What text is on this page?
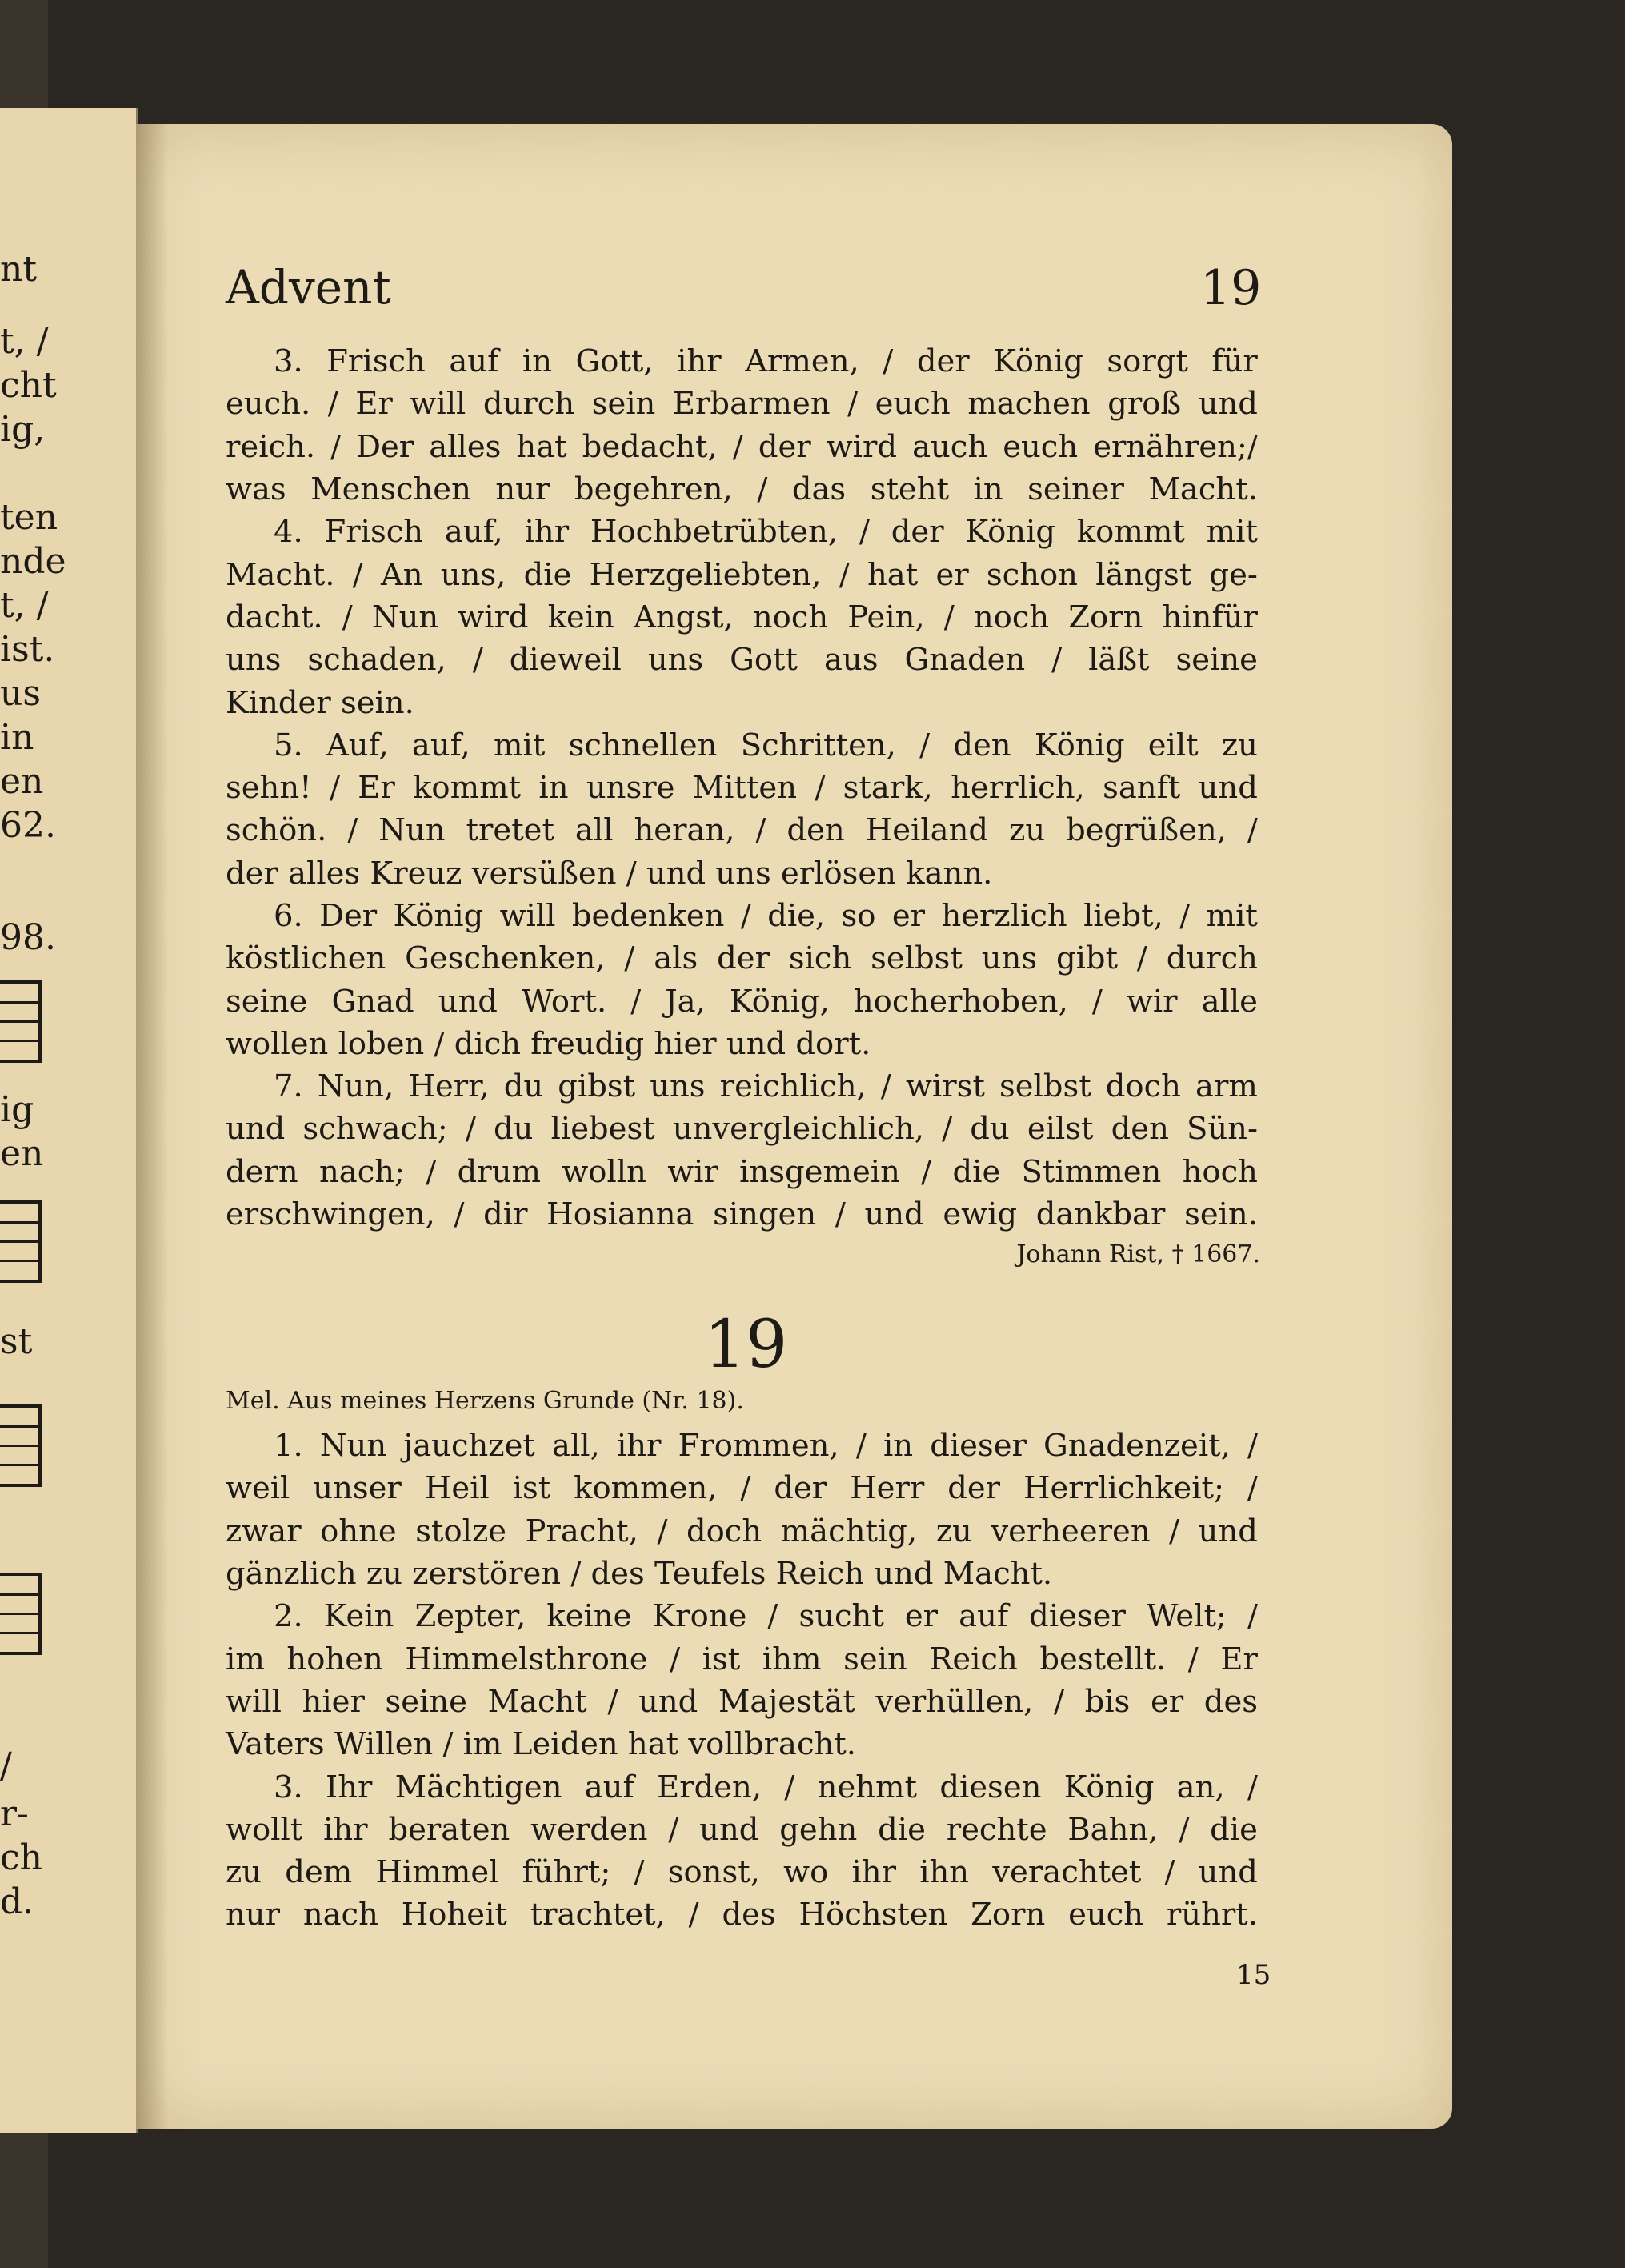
nt
t, /
cht
ig,
ten
nde
t, /
ist.
us
in
en
62.
98.
ig
en
st
/
r-
ch
d.
Advent	19
3. Frisch auf in Gott, ihr Armen, / der König sorgt für
euch. / Er will durch sein Erbarmen / euch machen groß und
reich. / Der alles hat bedacht, / der wird auch euch ernähren;/
was Menschen nur begehren, / das steht in seiner Macht.
4. Frisch auf, ihr Hochbetrübten, / der König kommt mit
Macht. / An uns, die Herzgeliebten, / hat er schon längst ge-
dacht. / Nun wird kein Angst, noch Pein, / noch Zorn hinfür
uns schaden, / dieweil uns Gott aus Gnaden / läßt seine
Kinder sein.
5. Auf, auf, mit schnellen Schritten, / den König eilt zu
sehn! / Er kommt in unsre Mitten / stark, herrlich, sanft und
schön. / Nun tretet all heran, / den Heiland zu begrüßen, /
der alles Kreuz versüßen / und uns erlösen kann.
6. Der König will bedenken / die, so er herzlich liebt, / mit
köstlichen Geschenken, / als der sich selbst uns gibt / durch
seine Gnad und Wort. / Ja, König, hocherhoben, / wir alle
wollen loben / dich freudig hier und dort.
7. Nun, Herr, du gibst uns reichlich, / wirst selbst doch arm
und schwach; / du liebest unvergleichlich, / du eilst den Sün-
dern nach; / drum wolln wir insgemein / die Stimmen hoch
erschwingen, / dir Hosianna singen / und ewig dankbar sein.
Johann Rist, † 1667.
19
Mel. Aus meines Herzens Grunde (Nr. 18).
1. Nun jauchzet all, ihr Frommen, / in dieser Gnadenzeit, /
weil unser Heil ist kommen, / der Herr der Herrlichkeit; /
zwar ohne stolze Pracht, / doch mächtig, zu verheeren / und
gänzlich zu zerstören / des Teufels Reich und Macht.
2. Kein Zepter, keine Krone / sucht er auf dieser Welt; /
im hohen Himmelsthrone / ist ihm sein Reich bestellt. / Er
will hier seine Macht / und Majestät verhüllen, / bis er des
Vaters Willen / im Leiden hat vollbracht.
3. Ihr Mächtigen auf Erden, / nehmt diesen König an, /
wollt ihr beraten werden / und gehn die rechte Bahn, / die
zu dem Himmel führt; / sonst, wo ihr ihn verachtet / und
nur nach Hoheit trachtet, / des Höchsten Zorn euch rührt.
15
